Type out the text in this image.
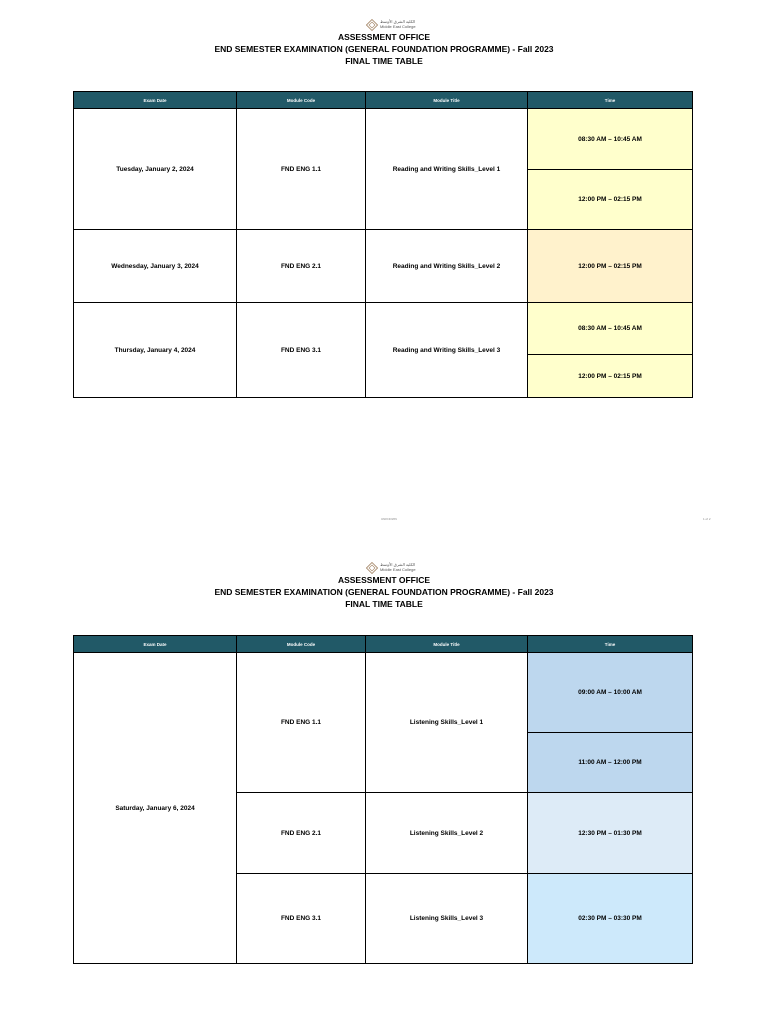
الكلية الشرق الأوسط
Middle East College
ASSESSMENT OFFICE
END SEMESTER EXAMINATION (GENERAL FOUNDATION PROGRAMME) - Fall 2023
FINAL TIME TABLE
Exam Date	Module Code	Module Title	Time
Tuesday, January 2, 2024	FND ENG 1.1	Reading and Writing Skills_Level 1	08:30 AM – 10:45 AM
			12:00 PM – 02:15 PM
Wednesday, January 3, 2024	FND ENG 2.1	Reading and Writing Skills_Level 2	12:00 PM – 02:15 PM
Thursday, January 4, 2024	FND ENG 3.1	Reading and Writing Skills_Level 3	08:30 AM – 10:45 AM
			12:00 PM – 02:15 PM
UNKNOWN	1 of 2
الكلية الشرق الأوسط
Middle East College
ASSESSMENT OFFICE
END SEMESTER EXAMINATION (GENERAL FOUNDATION PROGRAMME) - Fall 2023
FINAL TIME TABLE
Exam Date	Module Code	Module Title	Time
Saturday, January 6, 2024	FND ENG 1.1	Listening Skills_Level 1	09:00 AM – 10:00 AM
			11:00 AM – 12:00 PM
	FND ENG 2.1	Listening Skills_Level 2	12:30 PM – 01:30 PM
	FND ENG 3.1	Listening Skills_Level 3	02:30 PM – 03:30 PM
